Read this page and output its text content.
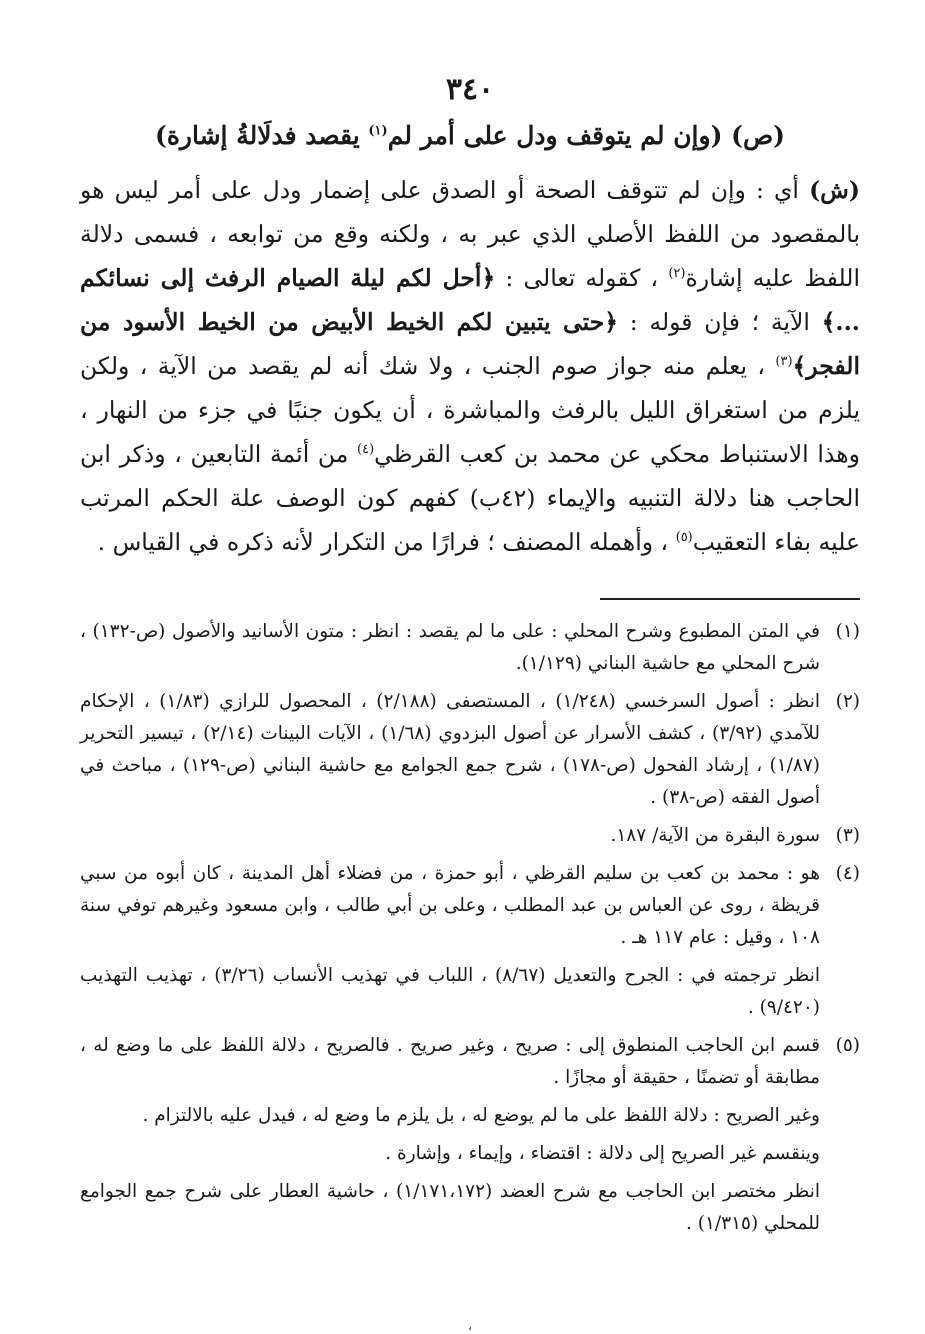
٣٤٠
(ص) (وإن لم يتوقف ودل على أمر لم$^{(١)}$ يقصد فدلَالةُ إشارة)

(ش) أي : وإن لم تتوقف الصحة أو الصدق على إضمار ودل على أمر ليس هو بالمقصود من اللفظ الأصلي الذي عبر به ، ولكنه وقع من توابعه ، فسمى دلالة اللفظ عليه إشارة$^{(٢)}$ ، كقوله تعالى : ﴿أحل لكم ليلة الصيام الرفث إلى نسائكم ...﴾ الآية ؛ فإن قوله : ﴿حتى يتبين لكم الخيط الأبيض من الخيط الأسود من الفجر﴾$^{(٣)}$ ، يعلم منه جواز صوم الجنب ، ولا شك أنه لم يقصد من الآية ، ولكن يلزم من استغراق الليل بالرفث والمباشرة ، أن يكون جنبًا في جزء من النهار ، وهذا الاستنباط محكي عن محمد بن كعب القرظي$^{(٤)}$ من أئمة التابعين ، وذكر ابن الحاجب هنا دلالة التنبيه والإيماء (٤٢ب) كفهم كون الوصف علة الحكم المرتب عليه بفاء التعقيب$^{(٥)}$ ، وأهمله المصنف ؛ فرارًا من التكرار لأنه ذكره في القياس .

(١)

في المتن المطبوع وشرح المحلي : على ما لم يقصد : انظر : متون الأسانيد والأصول (ص-١٣٢) ، شرح المحلي مع حاشية البناني (١/١٢٩).

(٢)

انظر : أصول السرخسي (١/٢٤٨) ، المستصفى (٢/١٨٨) ، المحصول للرازي (١/٨٣) ، الإحكام للآمدي (٣/٩٢) ، كشف الأسرار عن أصول البزدوي (١/٦٨) ، الآيات البينات (٢/١٤) ، تيسير التحرير (١/٨٧) ، إرشاد الفحول (ص-١٧٨) ، شرح جمع الجوامع مع حاشية البناني (ص-١٢٩) ، مباحث في أصول الفقه (ص-٣٨) .

(٣)

سورة البقرة من الآية/ ١٨٧.

(٤)

هو : محمد بن كعب بن سليم القرظي ، أبو حمزة ، من فضلاء أهل المدينة ، كان أبوه من سبي قريظة ، روى عن العباس بن عبد المطلب ، وعلى بن أبي طالب ، وابن مسعود وغيرهم توفي سنة ١٠٨ ، وقيل : عام ١١٧ هـ .

انظر ترجمته في : الجرح والتعديل (٨/٦٧) ، اللباب في تهذيب الأنساب (٣/٢٦) ، تهذيب التهذيب (٩/٤٢٠) .

(٥)

قسم ابن الحاجب المنطوق إلى : صريح ، وغير صريح . فالصريح ، دلالة اللفظ على ما وضع له ، مطابقة أو تضمنًا ، حقيقة أو مجازًا .

وغير الصريح : دلالة اللفظ على ما لم يوضع له ، بل يلزم ما وضع له ، فيدل عليه بالالتزام .

وينقسم غير الصريح إلى دلالة : اقتضاء ، وإيماء ، وإشارة .

انظر مختصر ابن الحاجب مع شرح العضد (١/١٧١،١٧٢) ، حاشية العطار على شرح جمع الجوامع للمحلي (١/٣١٥) .

،
